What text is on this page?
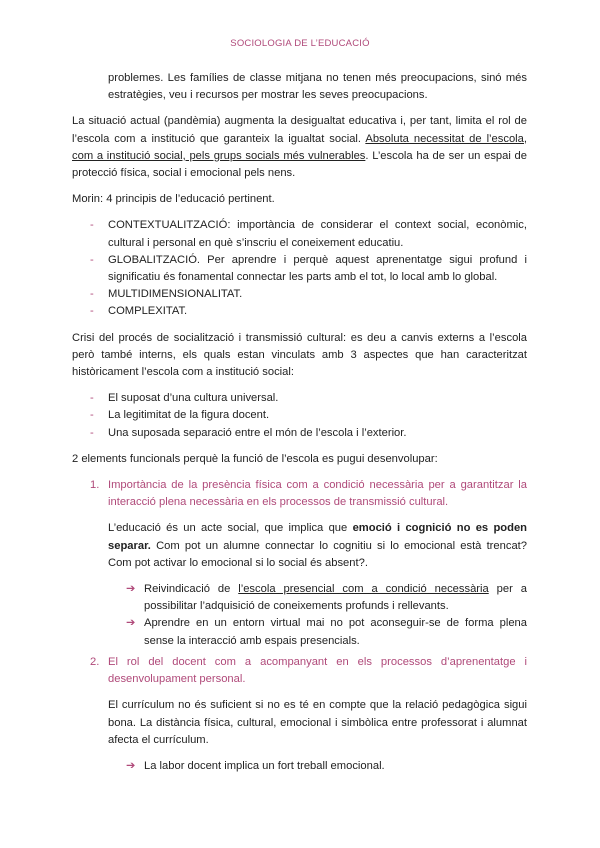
SOCIOLOGIA DE L’EDUCACIÓ

problemes. Les famílies de classe mitjana no tenen més preocupacions, sinó més estratègies, veu i recursos per mostrar les seves preocupacions.

La situació actual (pandèmia) augmenta la desigualtat educativa i, per tant, limita el rol de l’escola com a institució que garanteix la igualtat social. Absoluta necessitat de l’escola, com a institució social, pels grups socials més vulnerables. L’escola ha de ser un espai de protecció física, social i emocional pels nens.

Morin: 4 principis de l’educació pertinent.

- CONTEXTUALITZACIÓ: importància de considerar el context social, econòmic, cultural i personal en què s’inscriu el coneixement educatiu.
- GLOBALITZACIÓ. Per aprendre i perquè aquest aprenentatge sigui profund i significatiu és fonamental connectar les parts amb el tot, lo local amb lo global.
- MULTIDIMENSIONALITAT.
- COMPLEXITAT.

Crisi del procés de socialització i transmissió cultural: es deu a canvis externs a l’escola però també interns, els quals estan vinculats amb 3 aspectes que han caracteritzat històricament l’escola com a institució social:

- El suposat d’una cultura universal.
- La legitimitat de la figura docent.
- Una suposada separació entre el món de l’escola i l’exterior.

2 elements funcionals perquè la funció de l’escola es pugui desenvolupar:

1. Importància de la presència física com a condició necessària per a garantitzar la interacció plena necessària en els processos de transmissió cultural.

L’educació és un acte social, que implica que emoció i cognició no es poden separar. Com pot un alumne connectar lo cognitiu si lo emocional està trencat? Com pot activar lo emocional si lo social és absent?.

➔ Reivindicació de l’escola presencial com a condició necessària per a possibilitar l’adquisició de coneixements profunds i rellevants.
➔ Aprendre en un entorn virtual mai no pot aconseguir-se de forma plena sense la interacció amb espais presencials.
2. El rol del docent com a acompanyant en els processos d’aprenentatge i desenvolupament personal.

El currículum no és suficient si no es té en compte que la relació pedagògica sigui bona. La distància física, cultural, emocional i simbòlica entre professorat i alumnat afecta el currículum.

➔ La labor docent implica un fort treball emocional.
